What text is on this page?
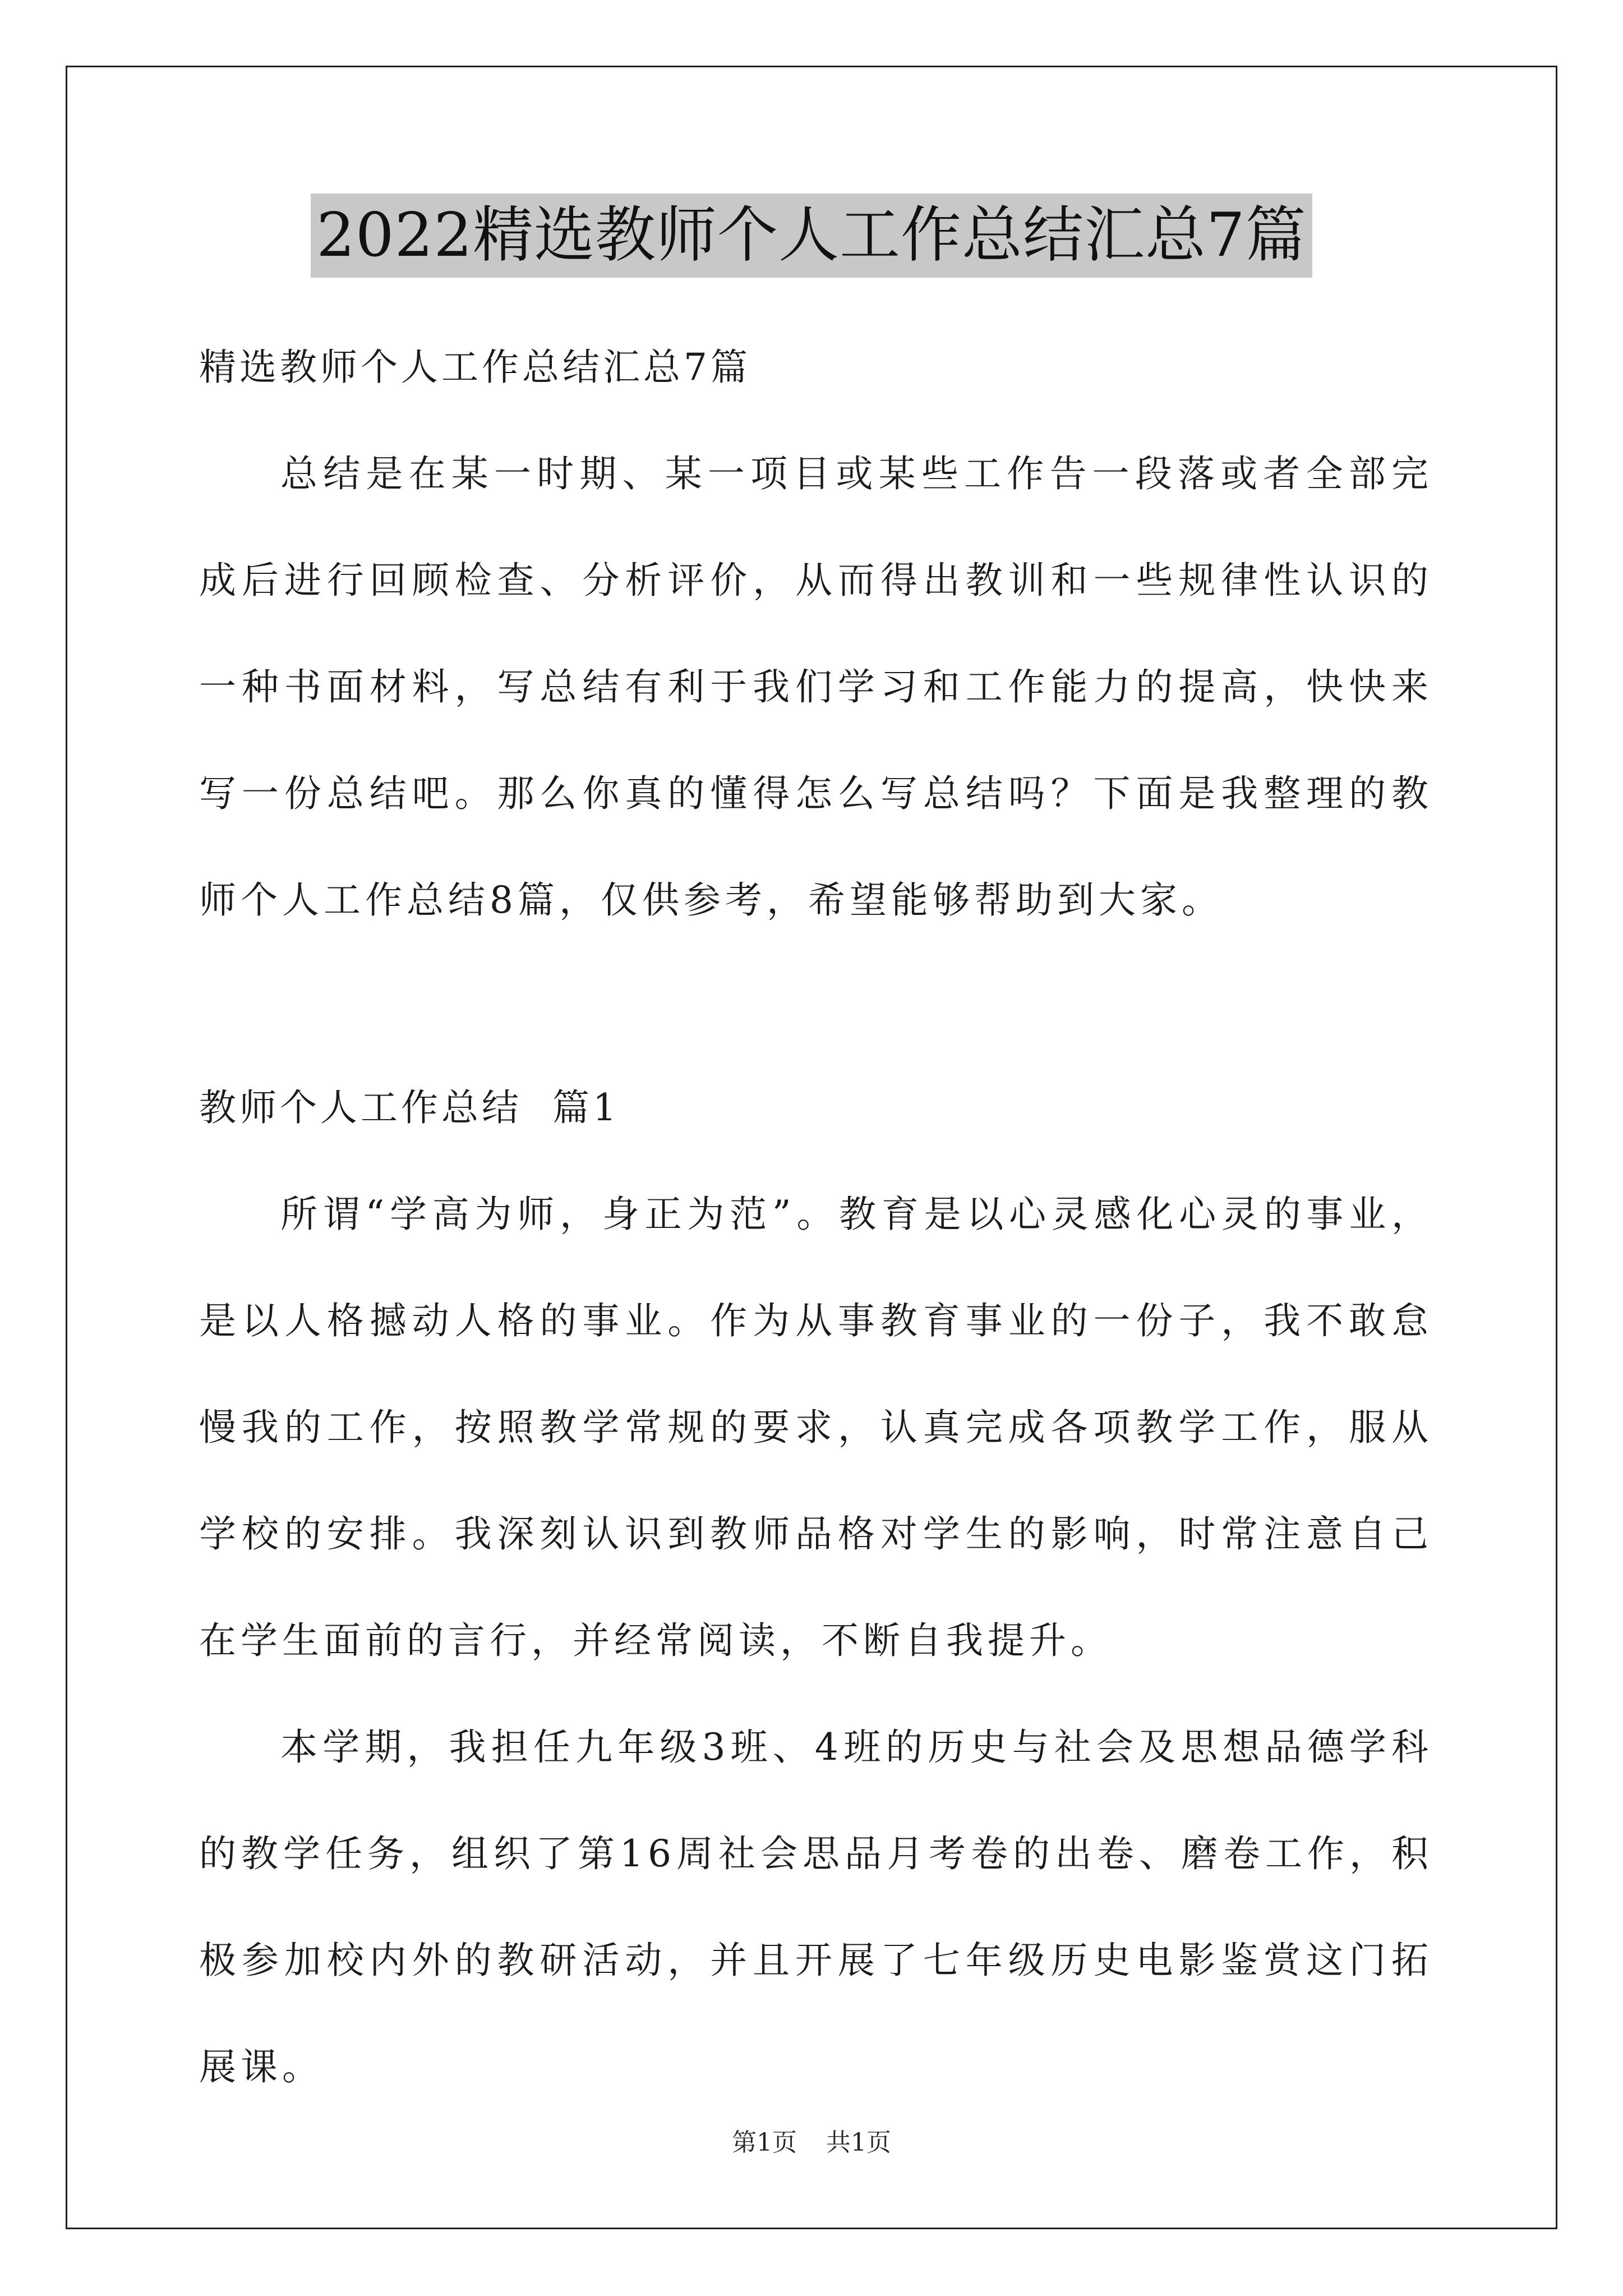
2022精选教师个人工作总结汇总7篇

精选教师个人工作总结汇总7篇

总结是在某一时期、某一项目或某些工作告一段落或者全部完成后进行回顾检查、分析评价，从而得出教训和一些规律性认识的一种书面材料，写总结有利于我们学习和工作能力的提高，快快来写一份总结吧。那么你真的懂得怎么写总结吗？下面是我整理的教师个人工作总结8篇，仅供参考，希望能够帮助到大家。

教师个人工作总结  篇1

所谓“学高为师，身正为范”。教育是以心灵感化心灵的事业，是以人格撼动人格的事业。作为从事教育事业的一份子，我不敢怠慢我的工作，按照教学常规的要求，认真完成各项教学工作，服从学校的安排。我深刻认识到教师品格对学生的影响，时常注意自己在学生面前的言行，并经常阅读，不断自我提升。

本学期，我担任九年级3班、4班的历史与社会及思想品德学科的教学任务，组织了第16周社会思品月考卷的出卷、磨卷工作，积极参加校内外的教研活动，并且开展了七年级历史电影鉴赏这门拓展课。

第1页 共1页
